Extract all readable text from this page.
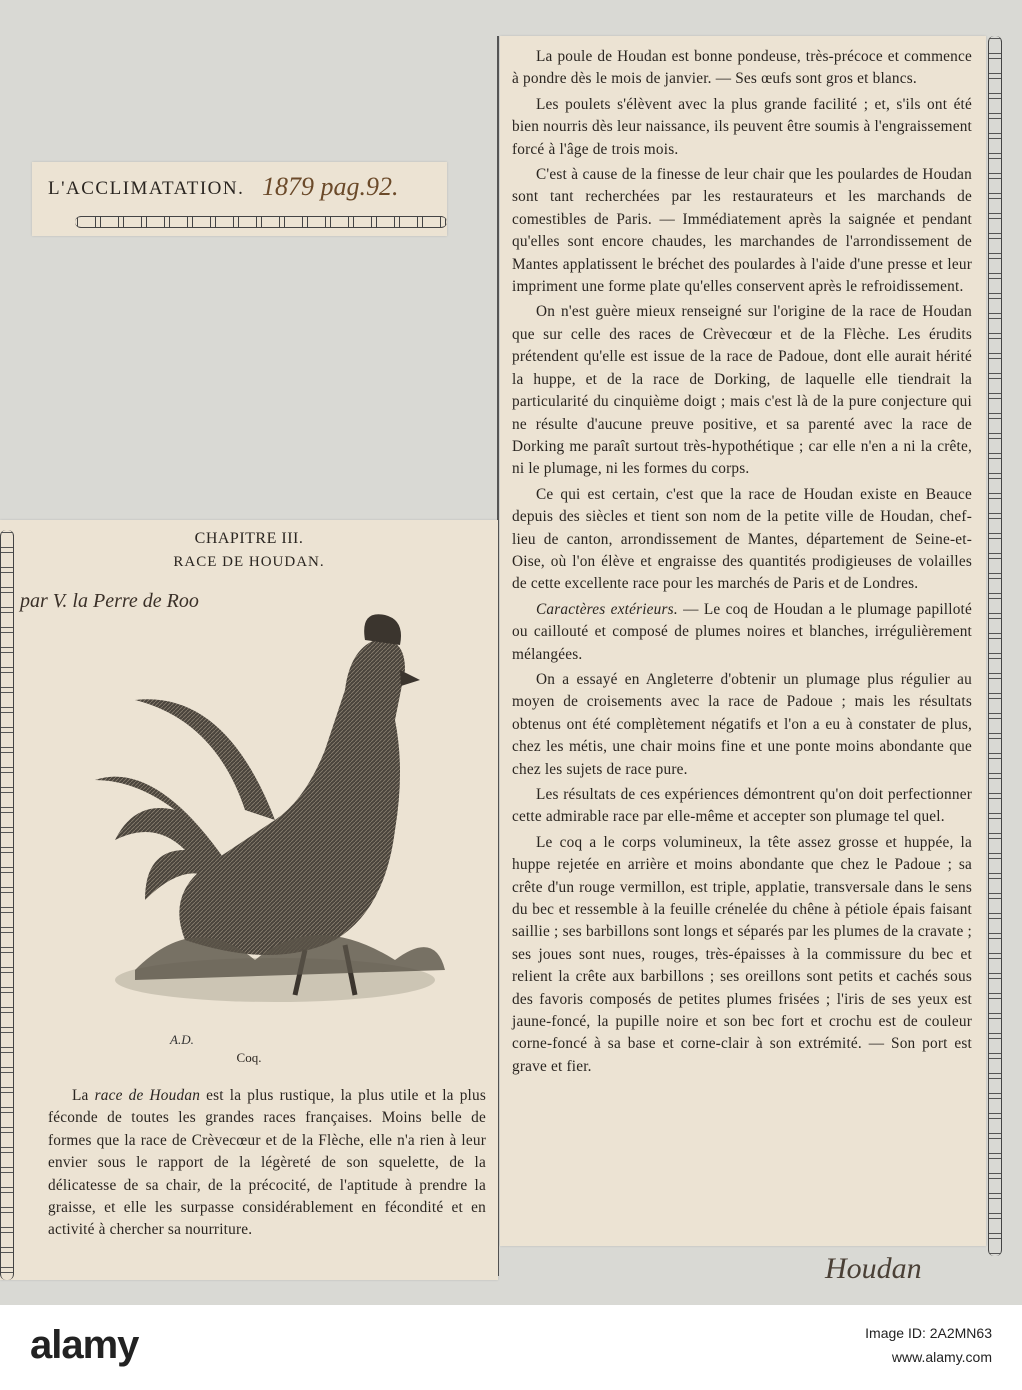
L'ACCLIMATATION. 1879 pag.92.

La poule de Houdan est bonne pondeuse, très-précoce et commence à pondre dès le mois de janvier. — Ses œufs sont gros et blancs.

Les poulets s'élèvent avec la plus grande facilité ; et, s'ils ont été bien nourris dès leur naissance, ils peuvent être soumis à l'engraissement forcé à l'âge de trois mois.

C'est à cause de la finesse de leur chair que les poulardes de Houdan sont tant recherchées par les restaurateurs et les marchands de comestibles de Paris. — Immédiatement après la saignée et pendant qu'elles sont encore chaudes, les marchandes de l'arrondissement de Mantes applatissent le bréchet des poulardes à l'aide d'une presse et leur impriment une forme plate qu'elles conservent après le refroidissement.

On n'est guère mieux renseigné sur l'origine de la race de Houdan que sur celle des races de Crèvecœur et de la Flèche. Les érudits prétendent qu'elle est issue de la race de Padoue, dont elle aurait hérité la huppe, et de la race de Dorking, de laquelle elle tiendrait la particularité du cinquième doigt ; mais c'est là de la pure conjecture qui ne résulte d'aucune preuve positive, et sa parenté avec la race de Dorking me paraît surtout très-hypothétique ; car elle n'en a ni la crête, ni le plumage, ni les formes du corps.

Ce qui est certain, c'est que la race de Houdan existe en Beauce depuis des siècles et tient son nom de la petite ville de Houdan, chef-lieu de canton, arrondissement de Mantes, département de Seine-et-Oise, où l'on élève et engraisse des quantités prodigieuses de volailles de cette excellente race pour les marchés de Paris et de Londres.

Caractères extérieurs. — Le coq de Houdan a le plumage papilloté ou caillouté et composé de plumes noires et blanches, irrégulièrement mélangées.

On a essayé en Angleterre d'obtenir un plumage plus régulier au moyen de croisements avec la race de Padoue ; mais les résultats obtenus ont été complètement négatifs et l'on a eu à constater de plus, chez les métis, une chair moins fine et une ponte moins abondante que chez les sujets de race pure.

Les résultats de ces expériences démontrent qu'on doit perfectionner cette admirable race par elle-même et accepter son plumage tel quel.

Le coq a le corps volumineux, la tête assez grosse et huppée, la huppe rejetée en arrière et moins abondante que chez le Padoue ; sa crête d'un rouge vermillon, est triple, applatie, transversale dans le sens du bec et ressemble à la feuille crénelée du chêne à pétiole épais faisant saillie ; ses barbillons sont longs et séparés par les plumes de la cravate ; ses joues sont nues, rouges, très-épaisses à la commissure du bec et relient la crête aux barbillons ; ses oreillons sont petits et cachés sous des favoris composés de petites plumes frisées ; l'iris de ses yeux est jaune-foncé, la pupille noire et son bec fort et crochu est de couleur corne-foncé à sa base et corne-clair à son extrémité. — Son port est grave et fier.

CHAPITRE III.
RACE DE HOUDAN.
par V. la Perre de Roo
A.D.
Coq.

La race de Houdan est la plus rustique, la plus utile et la plus féconde de toutes les grandes races françaises. Moins belle de formes que la race de Crèvecœur et de la Flèche, elle n'a rien à leur envier sous le rapport de la légèreté de son squelette, de la délicatesse de sa chair, de la précocité, de l'aptitude à prendre la graisse, et elle les surpasse considérablement en fécondité et en activité à chercher sa nourriture.

Houdan
alamy	Image ID: 2A2MN63
www.alamy.com
